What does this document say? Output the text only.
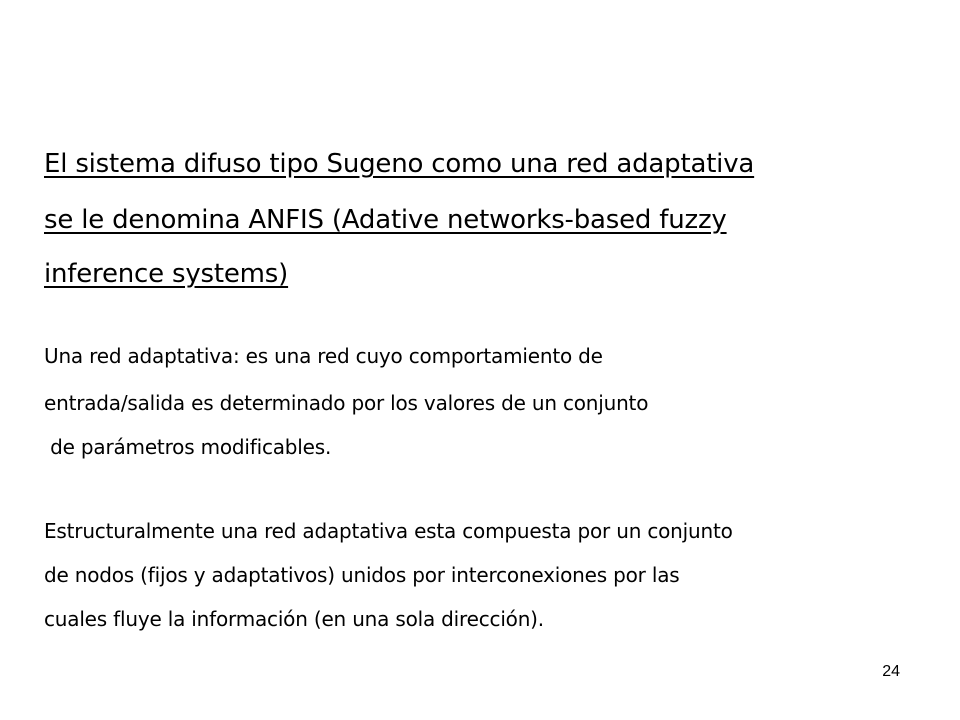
El sistema difuso tipo Sugeno como una red adaptativa
se le denomina ANFIS (Adative networks-based fuzzy
inference systems)
Una red adaptativa: es una red cuyo comportamiento de
entrada/salida es determinado por los valores de un conjunto
de parámetros modificables.
Estructuralmente una red adaptativa esta compuesta por un conjunto
de nodos (fijos y adaptativos) unidos por interconexiones por las
cuales fluye la información (en una sola dirección).
24
